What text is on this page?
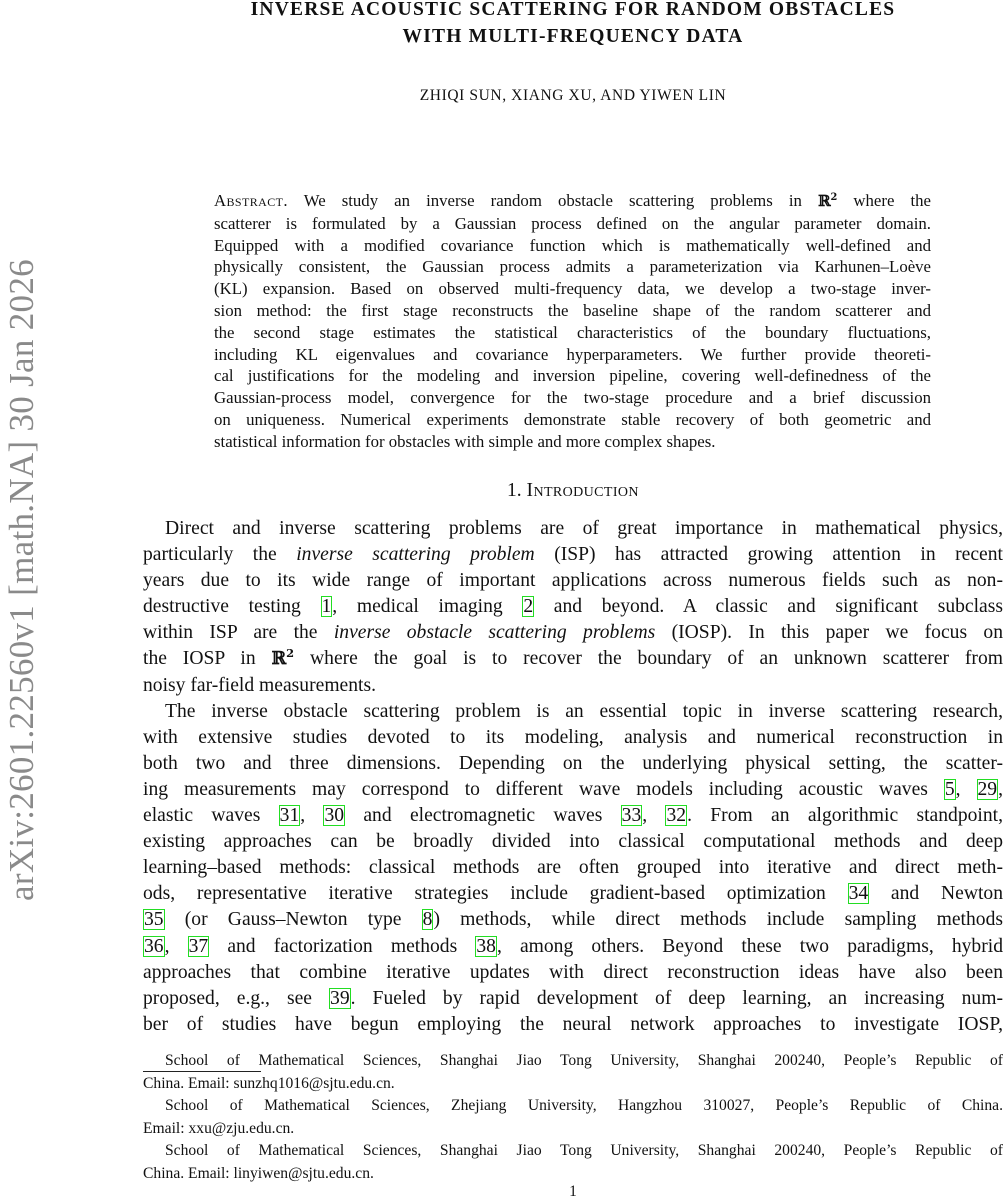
arXiv:2601.22560v1 [math.NA] 30 Jan 2026
INVERSE ACOUSTIC SCATTERING FOR RANDOM OBSTACLES
WITH MULTI-FREQUENCY DATA
ZHIQI SUN, XIANG XU, AND YIWEN LIN
Abstract. We study an inverse random obstacle scattering problems in ℝ$^2$ where the
scatterer is formulated by a Gaussian process defined on the angular parameter domain.
Equipped with a modified covariance function which is mathematically well-defined and
physically consistent, the Gaussian process admits a parameterization via Karhunen–Loève
(KL) expansion. Based on observed multi-frequency data, we develop a two-stage inver-
sion method: the first stage reconstructs the baseline shape of the random scatterer and
the second stage estimates the statistical characteristics of the boundary fluctuations,
including KL eigenvalues and covariance hyperparameters. We further provide theoreti-
cal justifications for the modeling and inversion pipeline, covering well-definedness of the
Gaussian-process model, convergence for the two-stage procedure and a brief discussion
on uniqueness. Numerical experiments demonstrate stable recovery of both geometric and
statistical information for obstacles with simple and more complex shapes.
1. Introduction
Direct and inverse scattering problems are of great importance in mathematical physics,
particularly the inverse scattering problem (ISP) has attracted growing attention in recent
years due to its wide range of important applications across numerous fields such as non-
destructive testing 1, medical imaging 2 and beyond. A classic and significant subclass
within ISP are the inverse obstacle scattering problems (IOSP). In this paper we focus on
the IOSP in ℝ$^2$ where the goal is to recover the boundary of an unknown scatterer from
noisy far-field measurements.
The inverse obstacle scattering problem is an essential topic in inverse scattering research,
with extensive studies devoted to its modeling, analysis and numerical reconstruction in
both two and three dimensions. Depending on the underlying physical setting, the scatter-
ing measurements may correspond to different wave models including acoustic waves 5, 29,
elastic waves 31, 30 and electromagnetic waves 33, 32. From an algorithmic standpoint,
existing approaches can be broadly divided into classical computational methods and deep
learning–based methods: classical methods are often grouped into iterative and direct meth-
ods, representative iterative strategies include gradient-based optimization 34 and Newton
35 (or Gauss–Newton type 8) methods, while direct methods include sampling methods
36, 37 and factorization methods 38, among others. Beyond these two paradigms, hybrid
approaches that combine iterative updates with direct reconstruction ideas have also been
proposed, e.g., see 39. Fueled by rapid development of deep learning, an increasing num-
ber of studies have begun employing the neural network approaches to investigate IOSP,
School of Mathematical Sciences, Shanghai Jiao Tong University, Shanghai 200240, People’s Republic of
China. Email: sunzhq1016@sjtu.edu.cn.
School of Mathematical Sciences, Zhejiang University, Hangzhou 310027, People’s Republic of China.
Email: xxu@zju.edu.cn.
School of Mathematical Sciences, Shanghai Jiao Tong University, Shanghai 200240, People’s Republic of
China. Email: linyiwen@sjtu.edu.cn.
1
